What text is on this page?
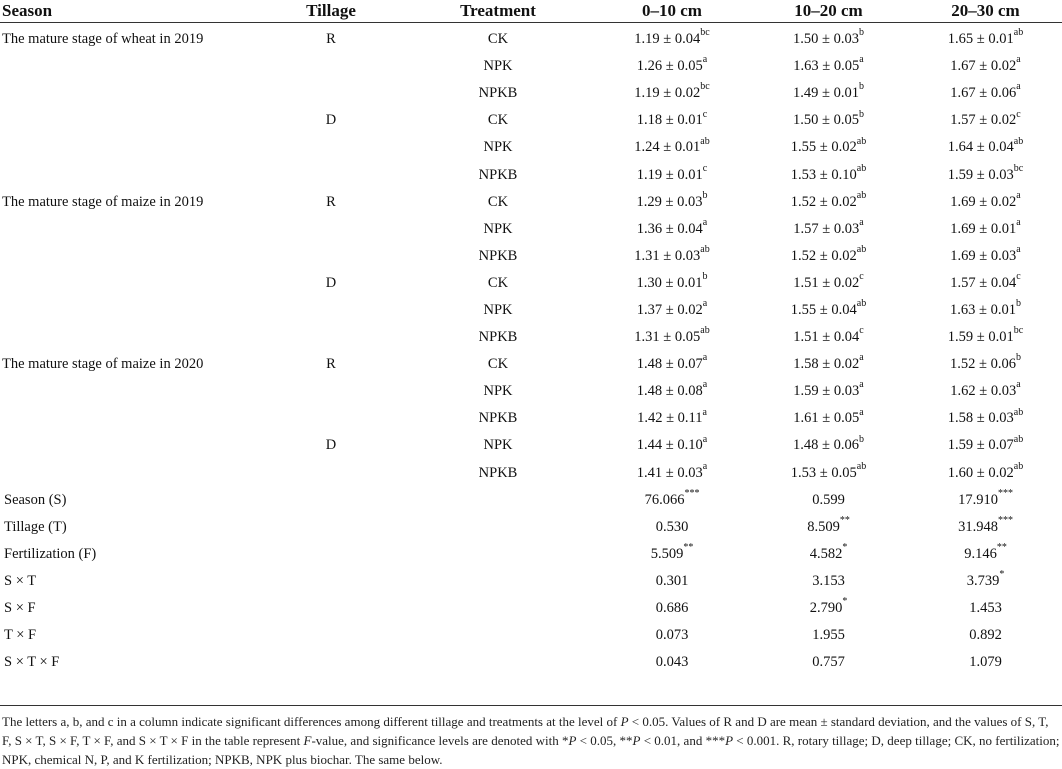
Season	Tillage	Treatment	0–10 cm	10–20 cm	20–30 cm
The mature stage of wheat in 2019	R	CK	1.19 ± 0.04$^{bc}$	1.50 ± 0.03$^b$	1.65 ± 0.01$^{ab}$
		NPK	1.26 ± 0.05$^a$	1.63 ± 0.05$^a$	1.67 ± 0.02$^a$
		NPKB	1.19 ± 0.02$^{bc}$	1.49 ± 0.01$^b$	1.67 ± 0.06$^a$
	D	CK	1.18 ± 0.01$^c$	1.50 ± 0.05$^b$	1.57 ± 0.02$^c$
		NPK	1.24 ± 0.01$^{ab}$	1.55 ± 0.02$^{ab}$	1.64 ± 0.04$^{ab}$
		NPKB	1.19 ± 0.01$^c$	1.53 ± 0.10$^{ab}$	1.59 ± 0.03$^{bc}$
The mature stage of maize in 2019	R	CK	1.29 ± 0.03$^b$	1.52 ± 0.02$^{ab}$	1.69 ± 0.02$^a$
		NPK	1.36 ± 0.04$^a$	1.57 ± 0.03$^a$	1.69 ± 0.01$^a$
		NPKB	1.31 ± 0.03$^{ab}$	1.52 ± 0.02$^{ab}$	1.69 ± 0.03$^a$
	D	CK	1.30 ± 0.01$^b$	1.51 ± 0.02$^c$	1.57 ± 0.04$^c$
		NPK	1.37 ± 0.02$^a$	1.55 ± 0.04$^{ab}$	1.63 ± 0.01$^b$
		NPKB	1.31 ± 0.05$^{ab}$	1.51 ± 0.04$^c$	1.59 ± 0.01$^{bc}$
The mature stage of maize in 2020	R	CK	1.48 ± 0.07$^a$	1.58 ± 0.02$^a$	1.52 ± 0.06$^b$
		NPK	1.48 ± 0.08$^a$	1.59 ± 0.03$^a$	1.62 ± 0.03$^a$
		NPKB	1.42 ± 0.11$^a$	1.61 ± 0.05$^a$	1.58 ± 0.03$^{ab}$
	D	NPK	1.44 ± 0.10$^a$	1.48 ± 0.06$^b$	1.59 ± 0.07$^{ab}$
		NPKB	1.41 ± 0.03$^a$	1.53 ± 0.05$^{ab}$	1.60 ± 0.02$^{ab}$
Season (S)			76.066***	0.599	17.910***
Tillage (T)			0.530	8.509**	31.948***
Fertilization (F)			5.509**	4.582*	9.146**
S × T			0.301	3.153	3.739*
S × F			0.686	2.790*	1.453
T × F			0.073	1.955	0.892
S × T × F			0.043	0.757	1.079
The letters a, b, and c in a column indicate significant differences among different tillage and treatments at the level of P < 0.05. Values of R and D are mean ± standard deviation, and the values of S, T, F, S × T, S × F, T × F, and S × T × F in the table represent F-value, and significance levels are denoted with *P < 0.05, **P < 0.01, and ***P < 0.001. R, rotary tillage; D, deep tillage; CK, no fertilization; NPK, chemical N, P, and K fertilization; NPKB, NPK plus biochar. The same below.
